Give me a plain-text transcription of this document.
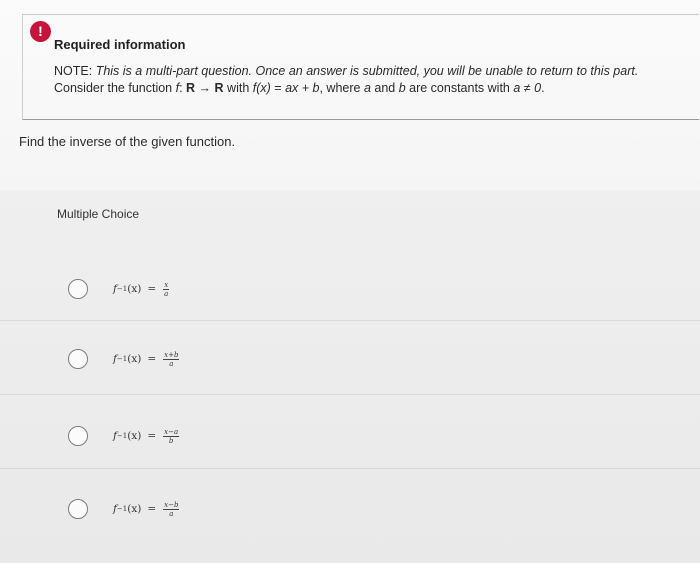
!
Required information
NOTE: This is a multi-part question. Once an answer is submitted, you will be unable to return to this part.
Consider the function f: R → R with f(x) = ax + b, where a and b are constants with a ≠ 0.
Find the inverse of the given function.
Multiple Choice
f −1 $(x) = \frac{x}{a}$
f −1 $(x) = \frac{x+b}{a}$
f −1 $(x) = \frac{x-a}{b}$
f −1 $(x) = \frac{x-b}{a}$
